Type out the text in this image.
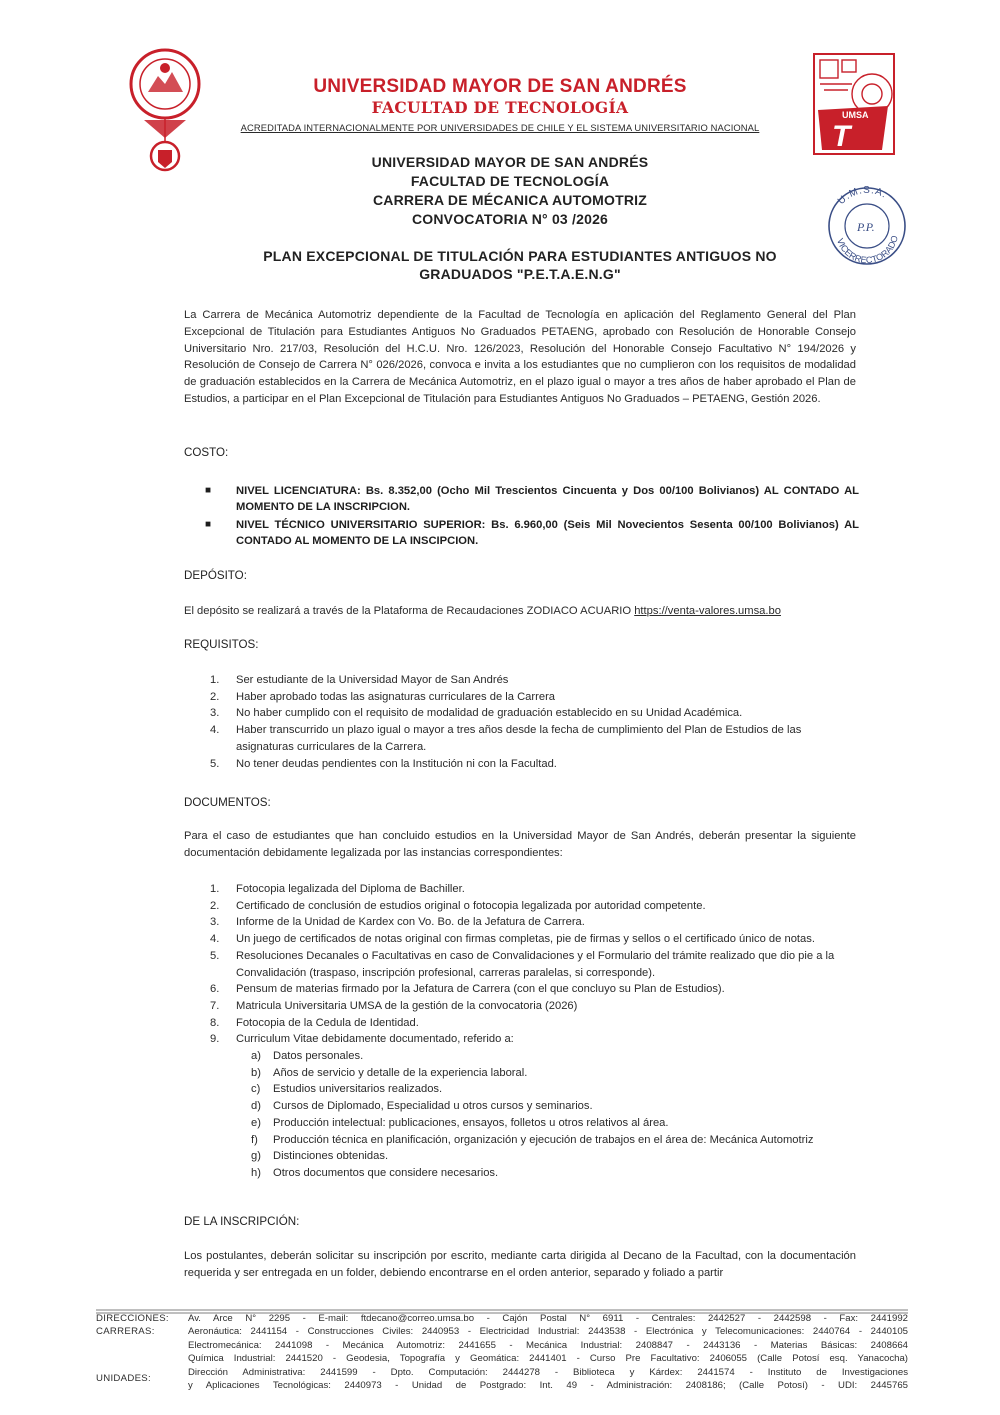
UNIVERSIDAD MAYOR DE SAN ANDRÉS
FACULTAD DE TECNOLOGÍA
ACREDITADA INTERNACIONALMENTE POR UNIVERSIDADES DE CHILE Y EL SISTEMA UNIVERSITARIO NACIONAL
UMSA
T
UNIVERSIDAD MAYOR DE SAN ANDRÉS
FACULTAD DE TECNOLOGÍA
CARRERA DE MÉCANICA AUTOMOTRIZ
CONVOCATORIA N° 03 /2026
U.M.S.A.
VICERRECTORADO
P.P.
PLAN EXCEPCIONAL DE TITULACIÓN PARA ESTUDIANTES ANTIGUOS NO
GRADUADOS "P.E.T.A.E.N.G"
La Carrera de Mecánica Automotriz dependiente de la Facultad de Tecnología en aplicación del Reglamento General del Plan Excepcional de Titulación para Estudiantes Antiguos No Graduados PETAENG, aprobado con Resolución de Honorable Consejo Universitario Nro. 217/03, Resolución del H.C.U. Nro. 126/2023, Resolución del Honorable Consejo Facultativo N° 194/2026 y Resolución de Consejo de Carrera N° 026/2026, convoca e invita a los estudiantes que no cumplieron con los requisitos de modalidad de graduación establecidos en la Carrera de Mecánica Automotriz, en el plazo igual o mayor a tres años de haber aprobado el Plan de Estudios, a participar en el Plan Excepcional de Titulación para Estudiantes Antiguos No Graduados – PETAENG, Gestión 2026.
COSTO:
■ NIVEL LICENCIATURA: Bs. 8.352,00 (Ocho Mil Trescientos Cincuenta y Dos 00/100 Bolivianos) AL CONTADO AL MOMENTO DE LA INSCRIPCION.
■ NIVEL TÉCNICO UNIVERSITARIO SUPERIOR: Bs. 6.960,00 (Seis Mil Novecientos Sesenta 00/100 Bolivianos) AL CONTADO AL MOMENTO DE LA INSCIPCION.
DEPÓSITO:
El depósito se realizará a través de la Plataforma de Recaudaciones ZODIACO ACUARIO https://venta-valores.umsa.bo
REQUISITOS:
1. Ser estudiante de la Universidad Mayor de San Andrés
2. Haber aprobado todas las asignaturas curriculares de la Carrera
3. No haber cumplido con el requisito de modalidad de graduación establecido en su Unidad Académica.
4. Haber transcurrido un plazo igual o mayor a tres años desde la fecha de cumplimiento del Plan de Estudios de las asignaturas curriculares de la Carrera.
5. No tener deudas pendientes con la Institución ni con la Facultad.
DOCUMENTOS:
Para el caso de estudiantes que han concluido estudios en la Universidad Mayor de San Andrés, deberán presentar la siguiente documentación debidamente legalizada por las instancias correspondientes:
1. Fotocopia legalizada del Diploma de Bachiller.
2. Certificado de conclusión de estudios original o fotocopia legalizada por autoridad competente.
3. Informe de la Unidad de Kardex con Vo. Bo. de la Jefatura de Carrera.
4. Un juego de certificados de notas original con firmas completas, pie de firmas y sellos o el certificado único de notas.
5. Resoluciones Decanales o Facultativas en caso de Convalidaciones y el Formulario del trámite realizado que dio pie a la Convalidación (traspaso, inscripción profesional, carreras paralelas, si corresponde).
6. Pensum de materias firmado por la Jefatura de Carrera (con el que concluyo su Plan de Estudios).
7. Matricula Universitaria UMSA de la gestión de la convocatoria (2026)
8. Fotocopia de la Cedula de Identidad.
9. Curriculum Vitae debidamente documentado, referido a:
a) Datos personales.
b) Años de servicio y detalle de la experiencia laboral.
c) Estudios universitarios realizados.
d) Cursos de Diplomado, Especialidad u otros cursos y seminarios.
e) Producción intelectual: publicaciones, ensayos, folletos u otros relativos al área.
f) Producción técnica en planificación, organización y ejecución de trabajos en el área de: Mecánica Automotriz
g) Distinciones obtenidas.
h) Otros documentos que considere necesarios.
DE LA INSCRIPCIÓN:
Los postulantes, deberán solicitar su inscripción por escrito, mediante carta dirigida al Decano de la Facultad, con la documentación requerida y ser entregada en un folder, debiendo encontrarse en el orden anterior, separado y foliado a partir
DIRECCIONES:	Av. Arce N° 2295 - E-mail: ftdecano@correo.umsa.bo - Cajón Postal N° 6911 - Centrales: 2442527 - 2442598 - Fax: 2441992
CARRERAS:	Aeronáutica: 2441154 - Construcciones Civiles: 2440953 - Electricidad Industrial: 2443538 - Electrónica y Telecomunicaciones: 2440764 - 2440105
Electromecánica: 2441098 - Mecánica Automotriz: 2441655 - Mecánica Industrial: 2408847 - 2443136 - Materias Básicas: 2408664
Química Industrial: 2441520 - Geodesia, Topografía y Geomática: 2441401 - Curso Pre Facultativo: 2406055 (Calle Potosí esq. Yanacocha)
UNIDADES:
Dirección Administrativa: 2441599 - Dpto. Computación: 2444278 - Biblioteca y Kárdex: 2441574 - Instituto de Investigaciones
y Aplicaciones Tecnológicas: 2440973 - Unidad de Postgrado: Int. 49 - Administración: 2408186; (Calle Potosí) - UDI: 2445765
